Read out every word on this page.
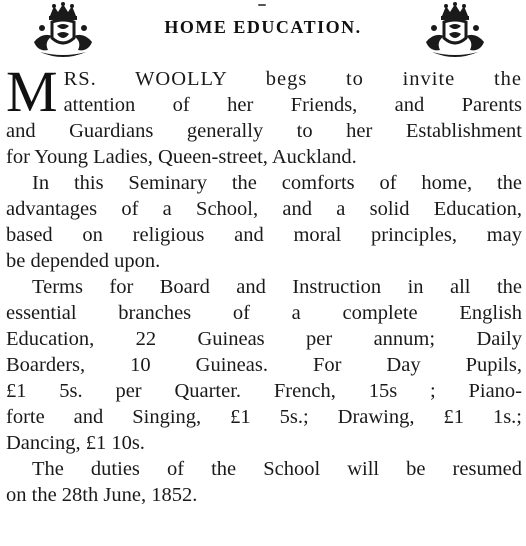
HOME EDUCATION.
M RS. WOOLLY begs to invite the
attention of her Friends, and Parents
and Guardians generally to her Establishment
for Young Ladies, Queen-street, Auckland.
In this Seminary the comforts of home, the
advantages of a School, and a solid Education,
based on religious and moral principles, may
be depended upon.
Terms for Board and Instruction in all the
essential branches of a complete English
Education, 22 Guineas per annum; Daily
Boarders, 10 Guineas. For Day Pupils,
£1 5s. per Quarter. French, 15s ; Piano-
forte and Singing, £1 5s.; Drawing, £1 1s.;
Dancing, £1 10s.
The duties of the School will be resumed
on the 28th June, 1852.
